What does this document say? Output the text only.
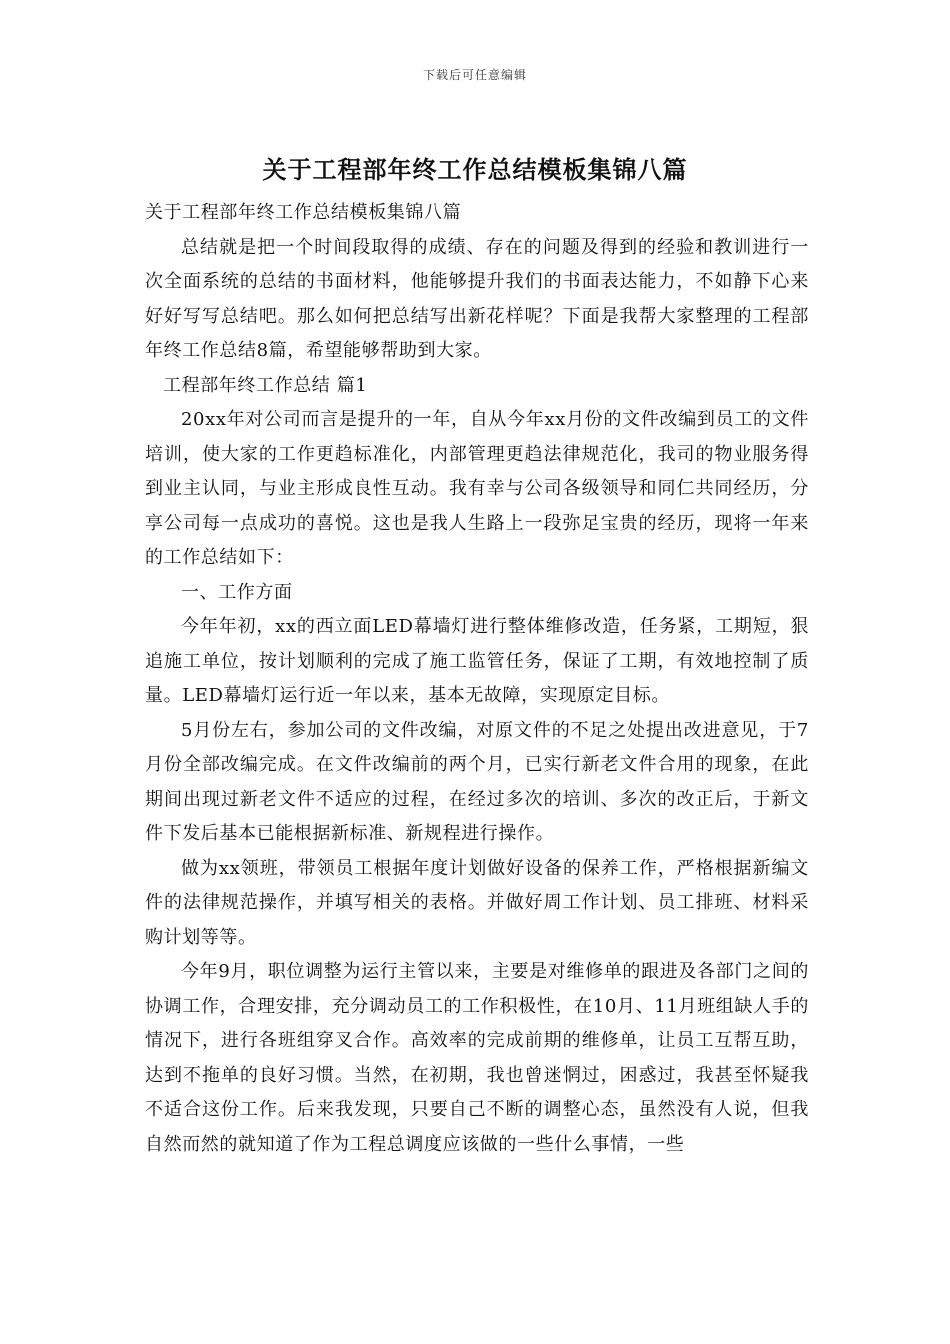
下载后可任意编辑
关于工程部年终工作总结模板集锦八篇

关于工程部年终工作总结模板集锦八篇

总结就是把一个时间段取得的成绩、存在的问题及得到的经验和教训进行一次全面系统的总结的书面材料，他能够提升我们的书面表达能力，不如静下心来好好写写总结吧。那么如何把总结写出新花样呢？下面是我帮大家整理的工程部年终工作总结8篇，希望能够帮助到大家。

工程部年终工作总结 篇1

20xx年对公司而言是提升的一年，自从今年xx月份的文件改编到员工的文件培训，使大家的工作更趋标准化，内部管理更趋法律规范化，我司的物业服务得到业主认同，与业主形成良性互动。我有幸与公司各级领导和同仁共同经历，分享公司每一点成功的喜悦。这也是我人生路上一段弥足宝贵的经历，现将一年来的工作总结如下：

一、工作方面

今年年初，xx的西立面LED幕墙灯进行整体维修改造，任务紧，工期短，狠追施工单位，按计划顺利的完成了施工监管任务，保证了工期，有效地控制了质量。LED幕墙灯运行近一年以来，基本无故障，实现原定目标。

5月份左右，参加公司的文件改编，对原文件的不足之处提出改进意见，于7月份全部改编完成。在文件改编前的两个月，已实行新老文件合用的现象，在此期间出现过新老文件不适应的过程，在经过多次的培训、多次的改正后，于新文件下发后基本已能根据新标准、新规程进行操作。

做为xx领班，带领员工根据年度计划做好设备的保养工作，严格根据新编文件的法律规范操作，并填写相关的表格。并做好周工作计划、员工排班、材料采购计划等等。

今年9月，职位调整为运行主管以来，主要是对维修单的跟进及各部门之间的协调工作，合理安排，充分调动员工的工作积极性，在10月、11月班组缺人手的情况下，进行各班组穿叉合作。高效率的完成前期的维修单，让员工互帮互助，达到不拖单的良好习惯。当然，在初期，我也曾迷惘过，困惑过，我甚至怀疑我不适合这份工作。后来我发现，只要自己不断的调整心态，虽然没有人说，但我自然而然的就知道了作为工程总调度应该做的一些什么事情，一些
